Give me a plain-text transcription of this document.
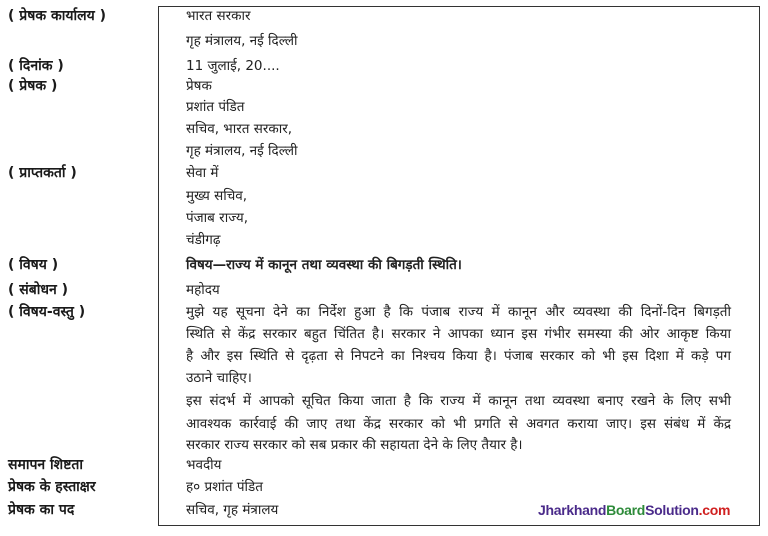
( प्रेषक कार्यालय )
( दिनांक )
( प्रेषक )
( प्राप्तकर्ता )
( विषय )
( संबोधन )
( विषय-वस्तु )
समापन शिष्टता
प्रेषक के हस्ताक्षर
प्रेषक का पद
भारत सरकार
गृह मंत्रालय, नई दिल्ली
11 जुलाई, 20....
प्रेषक
प्रशांत पंडित
सचिव, भारत सरकार,
गृह मंत्रालय, नई दिल्ली
सेवा में
मुख्य सचिव,
पंजाब राज्य,
चंडीगढ़
विषय—राज्य में कानून तथा व्यवस्था की बिगड़ती स्थिति।
महोदय
मुझे यह सूचना देने का निर्देश हुआ है कि पंजाब राज्य में कानून और व्यवस्था की दिनों-दिन बिगड़ती
स्थिति से केंद्र सरकार बहुत चिंतित है। सरकार ने आपका ध्यान इस गंभीर समस्या की ओर आकृष्ट किया
है और इस स्थिति से दृढ़ता से निपटने का निश्चय किया है। पंजाब सरकार को भी इस दिशा में कड़े पग
उठाने चाहिए।
इस संदर्भ में आपको सूचित किया जाता है कि राज्य में कानून तथा व्यवस्था बनाए रखने के लिए सभी
आवश्यक कार्रवाई की जाए तथा केंद्र सरकार को भी प्रगति से अवगत कराया जाए। इस संबंध में केंद्र
सरकार राज्य सरकार को सब प्रकार की सहायता देने के लिए तैयार है।
भवदीय
ह० प्रशांत पंडित
सचिव, गृह मंत्रालय	JharkhandBoardSolution.com
